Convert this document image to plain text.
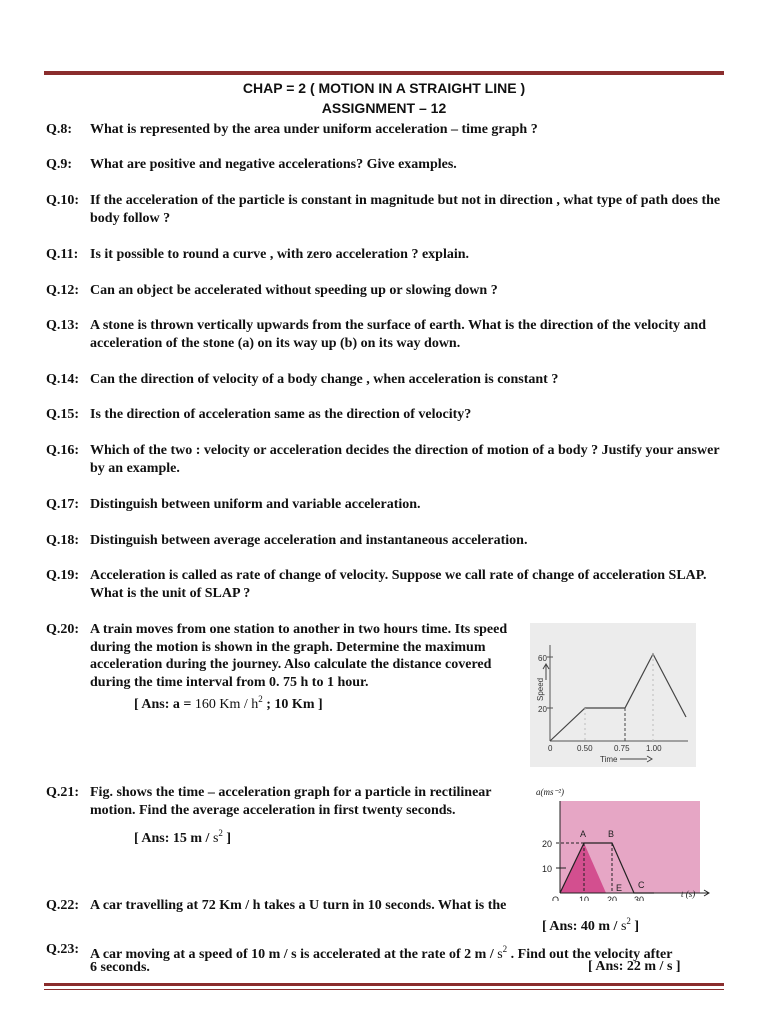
CHAP = 2 ( MOTION IN A STRAIGHT LINE )
ASSIGNMENT – 12
Q.8:	What is represented by the area under uniform acceleration – time graph ?
Q.9:	What are positive and negative accelerations? Give examples.
Q.10: If the acceleration of the particle is constant in magnitude but not in direction , what type of path does the body follow ?
Q.11: Is it possible to round a curve , with zero acceleration ? explain.
Q.12: Can an object be accelerated without speeding up or slowing down ?
Q.13: A stone is thrown vertically upwards from the surface of earth. What is the direction of the velocity and acceleration of the stone (a) on its way up (b) on its way down.
Q.14: Can the direction of velocity of a body change , when acceleration is constant ?
Q.15: Is the direction of acceleration same as the direction of velocity?
Q.16: Which of the two : velocity or acceleration decides the direction of motion of a body ? Justify your answer by an example.
Q.17: Distinguish between uniform and variable acceleration.
Q.18: Distinguish between average acceleration and instantaneous acceleration.
Q.19: Acceleration is called as rate of change of velocity. Suppose we call rate of change of acceleration SLAP. What is the unit of SLAP ?
Q.20: A train moves from one station to another in two hours time. Its speed during the motion is shown in the graph. Determine the maximum acceleration during the journey. Also calculate the distance covered during the time interval from 0. 75 h to 1 hour.
[ Ans: a = 160 Km / $h^2$ ; 10 Km ]
60
20
0	0.50	0.75 1.00
Time
Speed
Q.21: Fig. shows the time – acceleration graph for a particle in rectilinear motion. Find the average acceleration in first twenty seconds.
[ Ans: 15 m / $s^2$ ]
a(ms⁻²)
20
10
O 10 20 30
t (s)
A B
E C
Q.22: A car travelling at 72 Km / h takes a U turn in 10 seconds. What is the
[ Ans: 40 m / $s^2$ ]
Q.23: A car moving at a speed of 10 m / s is accelerated at the rate of 2 m / $s^2$ . Find out the velocity after
6 seconds.	[ Ans: 22 m / s ]
